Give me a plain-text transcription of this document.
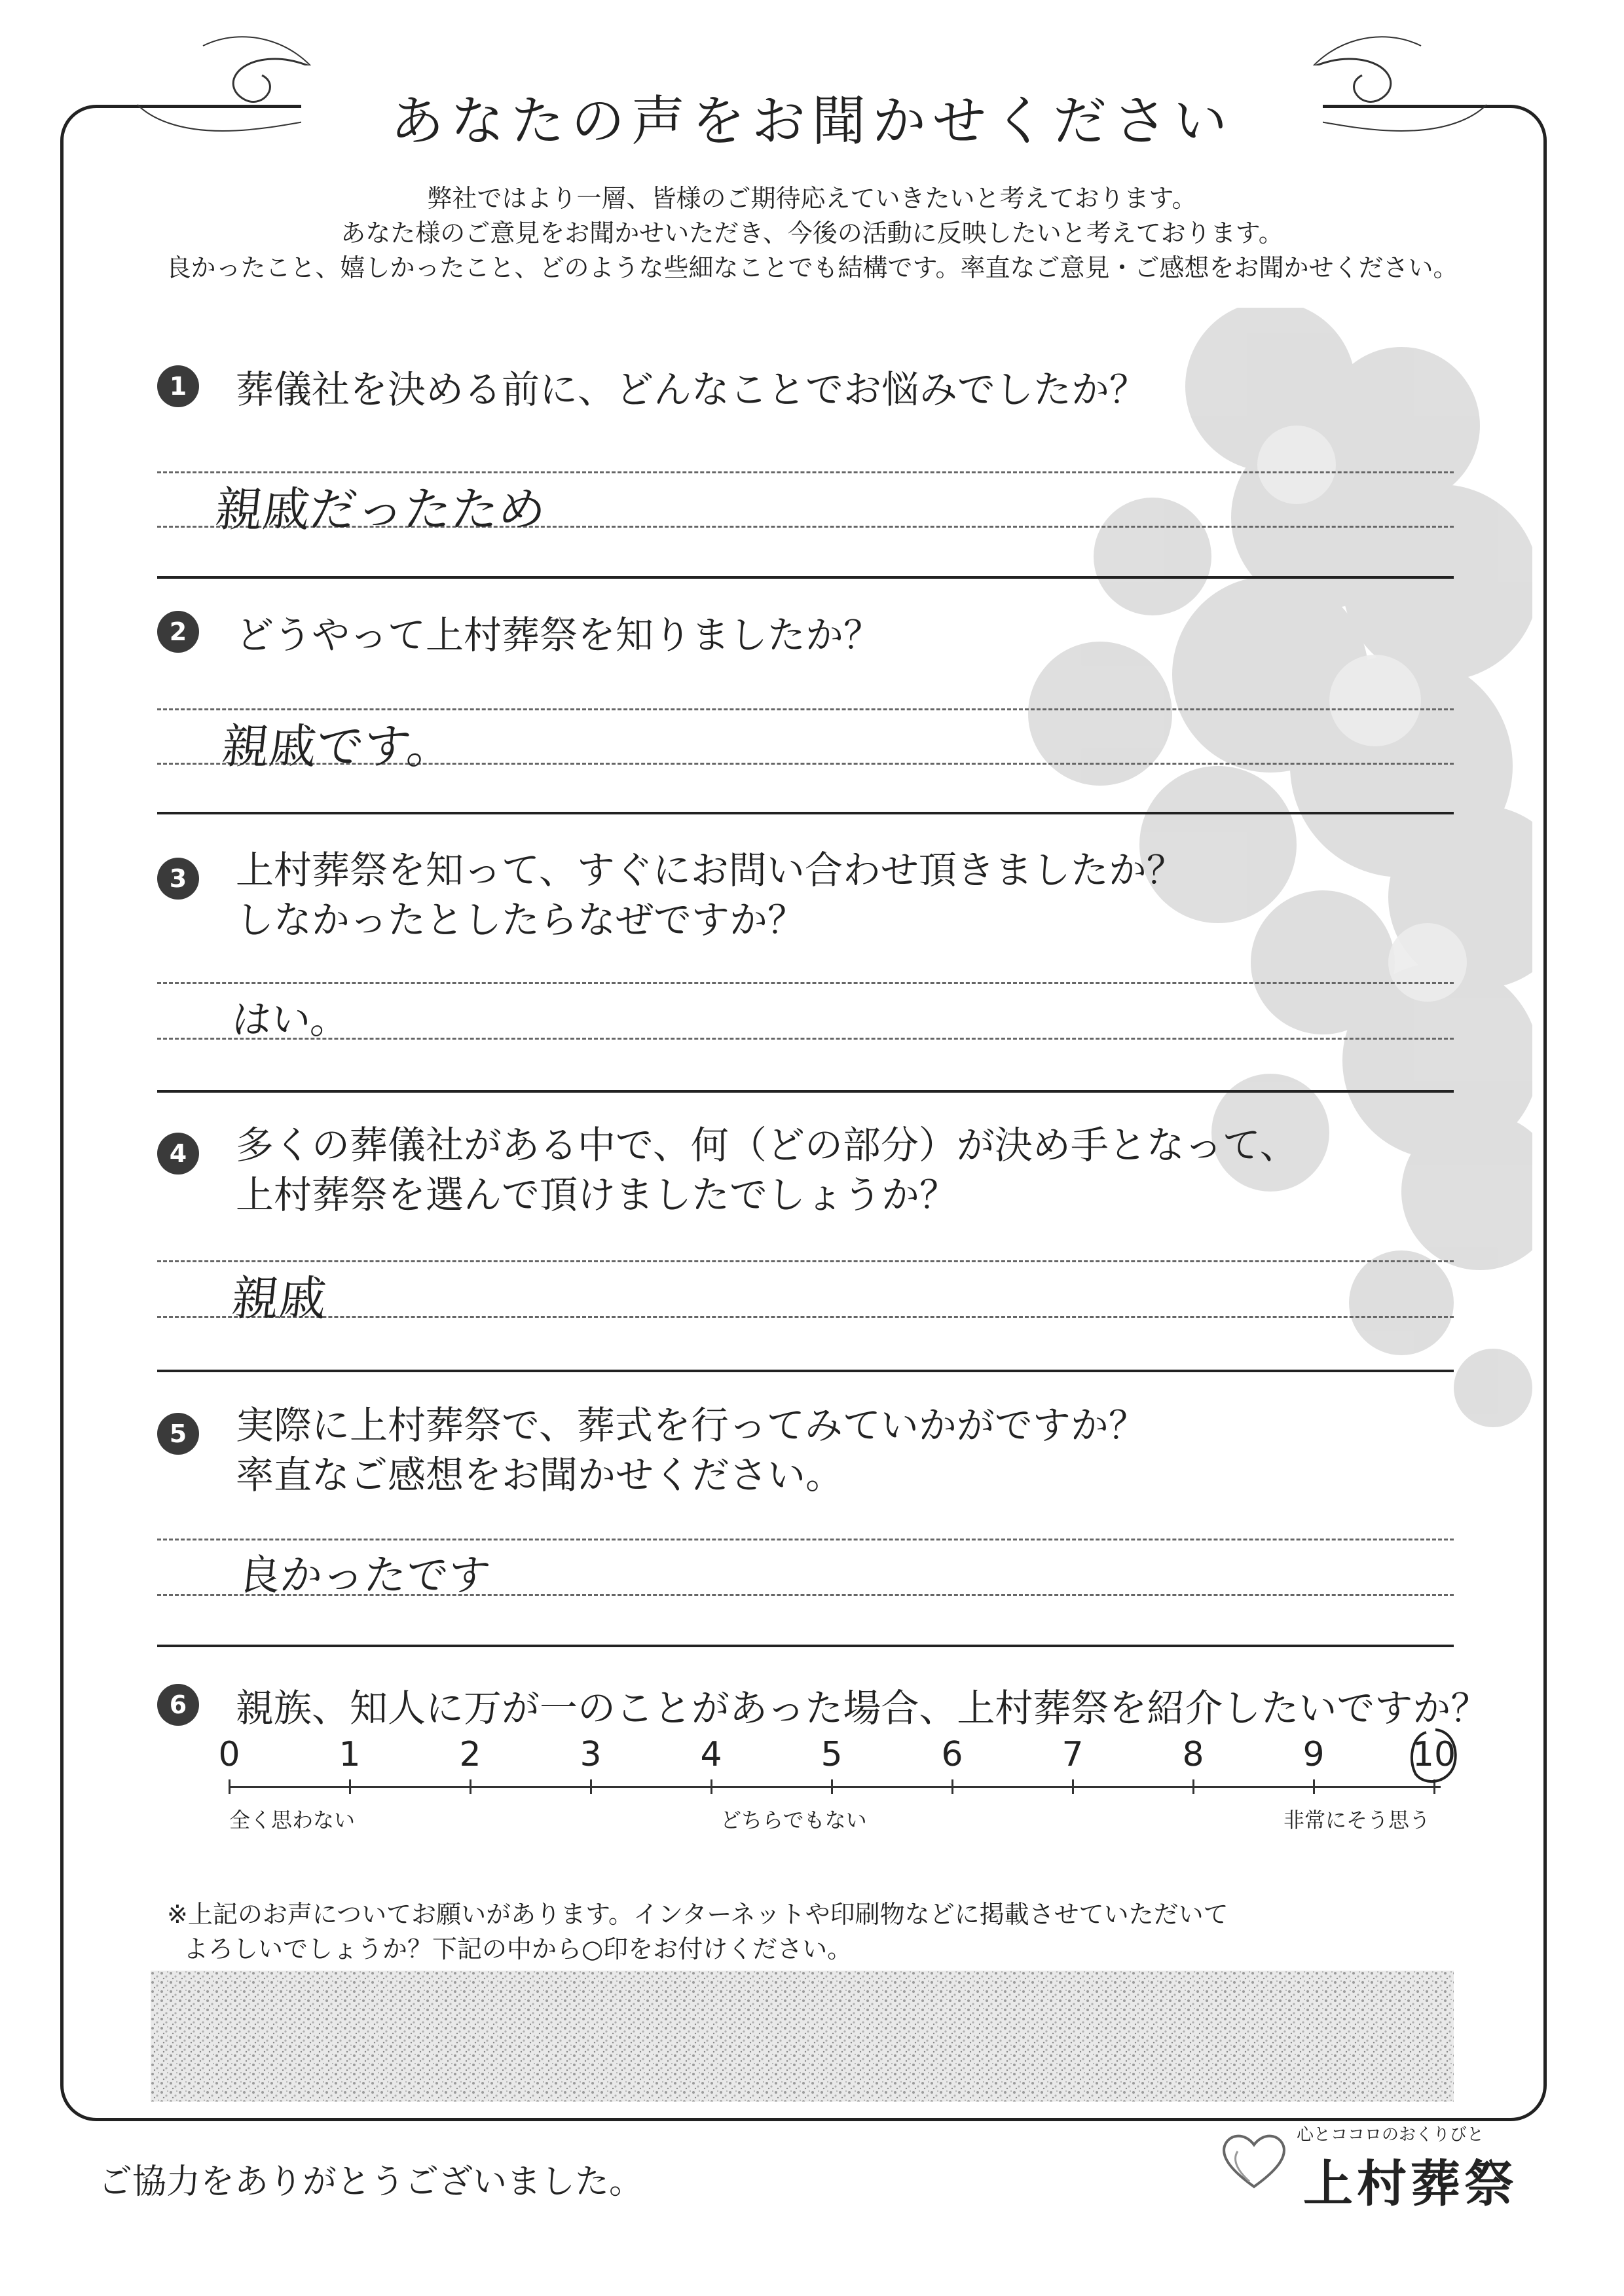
あなたの声をお聞かせください
弊社ではより一層、皆様のご期待応えていきたいと考えております。
あなた様のご意見をお聞かせいただき、今後の活動に反映したいと考えております。
良かったこと、嬉しかったこと、どのような些細なことでも結構です。率直なご意見・ご感想をお聞かせください。
1	葬儀社を決める前に、どんなことでお悩みでしたか？
親戚だったため
2	どうやって上村葬祭を知りましたか？
親戚です。
3	上村葬祭を知って、すぐにお問い合わせ頂きましたか？
しなかったとしたらなぜですか？
はい。
4	多くの葬儀社がある中で、何（どの部分）が決め手となって、
上村葬祭を選んで頂けましたでしょうか？
親戚
5	実際に上村葬祭で、葬式を行ってみていかがですか？
率直なご感想をお聞かせください。
良かったです
6	親族、知人に万が一のことがあった場合、上村葬祭を紹介したいですか？
0	1	2	3	4	5	6	7	8	9	10
全く思わない	どちらでもない	非常にそう思う
※上記のお声についてお願いがあります。インターネットや印刷物などに掲載させていただいて
よろしいでしょうか？下記の中から○印をお付けください。
ご協力をありがとうございました。
心とココロのおくりびと
上村葬祭
